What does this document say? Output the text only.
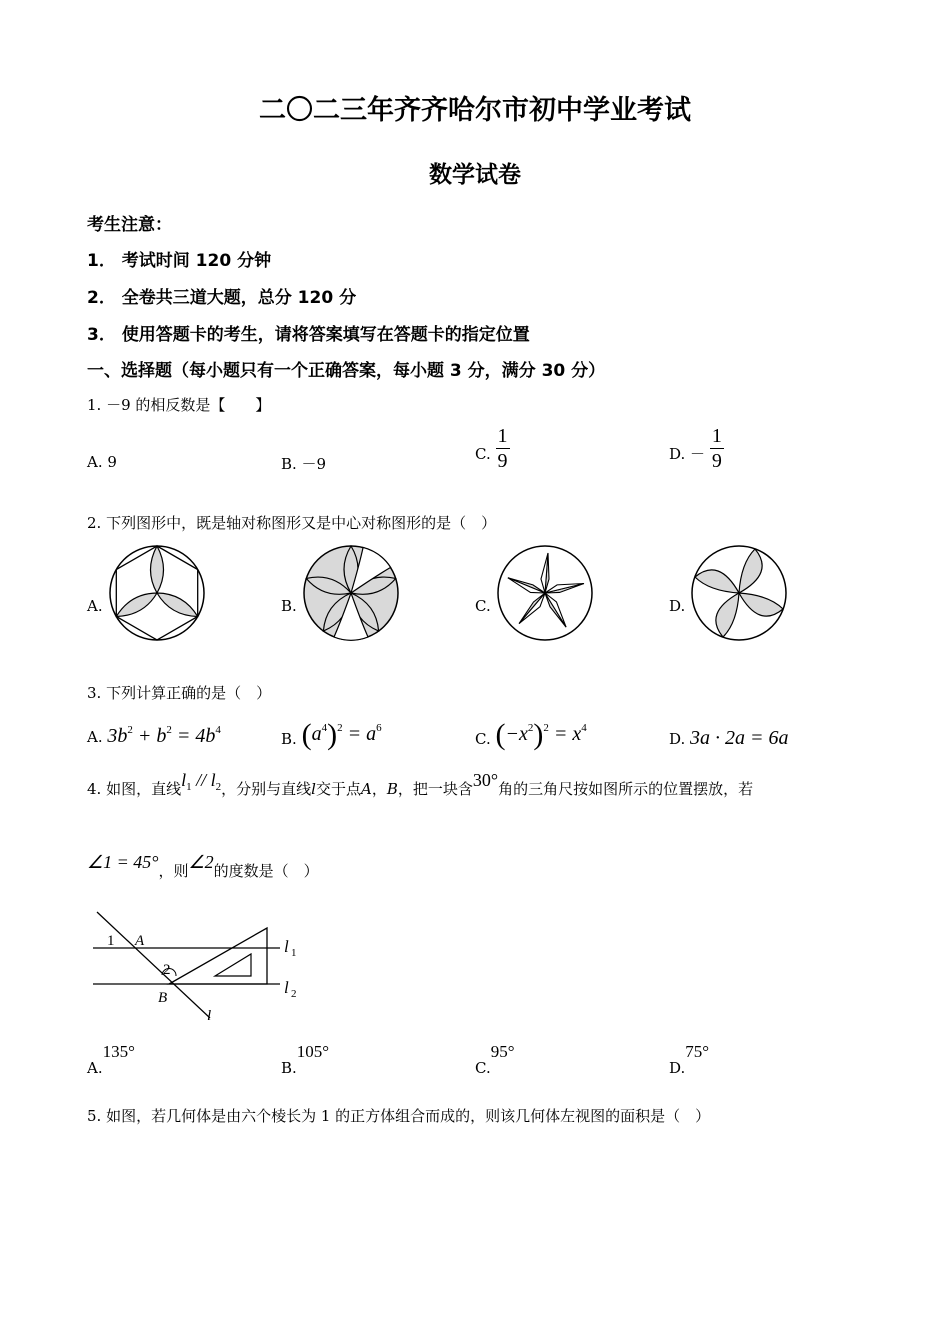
二〇二三年齐齐哈尔市初中学业考试
数学试卷
考生注意：
1． 考试时间 120 分钟
2． 全卷共三道大题，总分 120 分
3． 使用答题卡的考生，请将答案填写在答题卡的指定位置
一、选择题（每小题只有一个正确答案，每小题 3 分，满分 30 分）
1. －9 的相反数是【　　】
A. 9	B. －9
C. $\frac{1}{9}$	D. － $\frac{1}{9}$
2. 下列图形中，既是轴对称图形又是中心对称图形的是（　）
A.	B.	C.	D.
3. 下列计算正确的是（　）
A. $3b^2 + b^2 = 4b^4$	B. $(a^4)^2 = a^6$
C. $(-x^2)^2 = x^4$
D. 3a · 2a = 6a
4. 如图，直线$l_1 // l_2$，分别与直线l交于点A，B，把一块含30°角的三角尺按如图所示的位置摆放，若
∠1 = 45°，则∠2的度数是（　）
1 A
2
B
l
l 1
l 2
A.135°
B.105°
C.95°
D.75°
5. 如图，若几何体是由六个棱长为 1 的正方体组合而成的，则该几何体左视图的面积是（　）
